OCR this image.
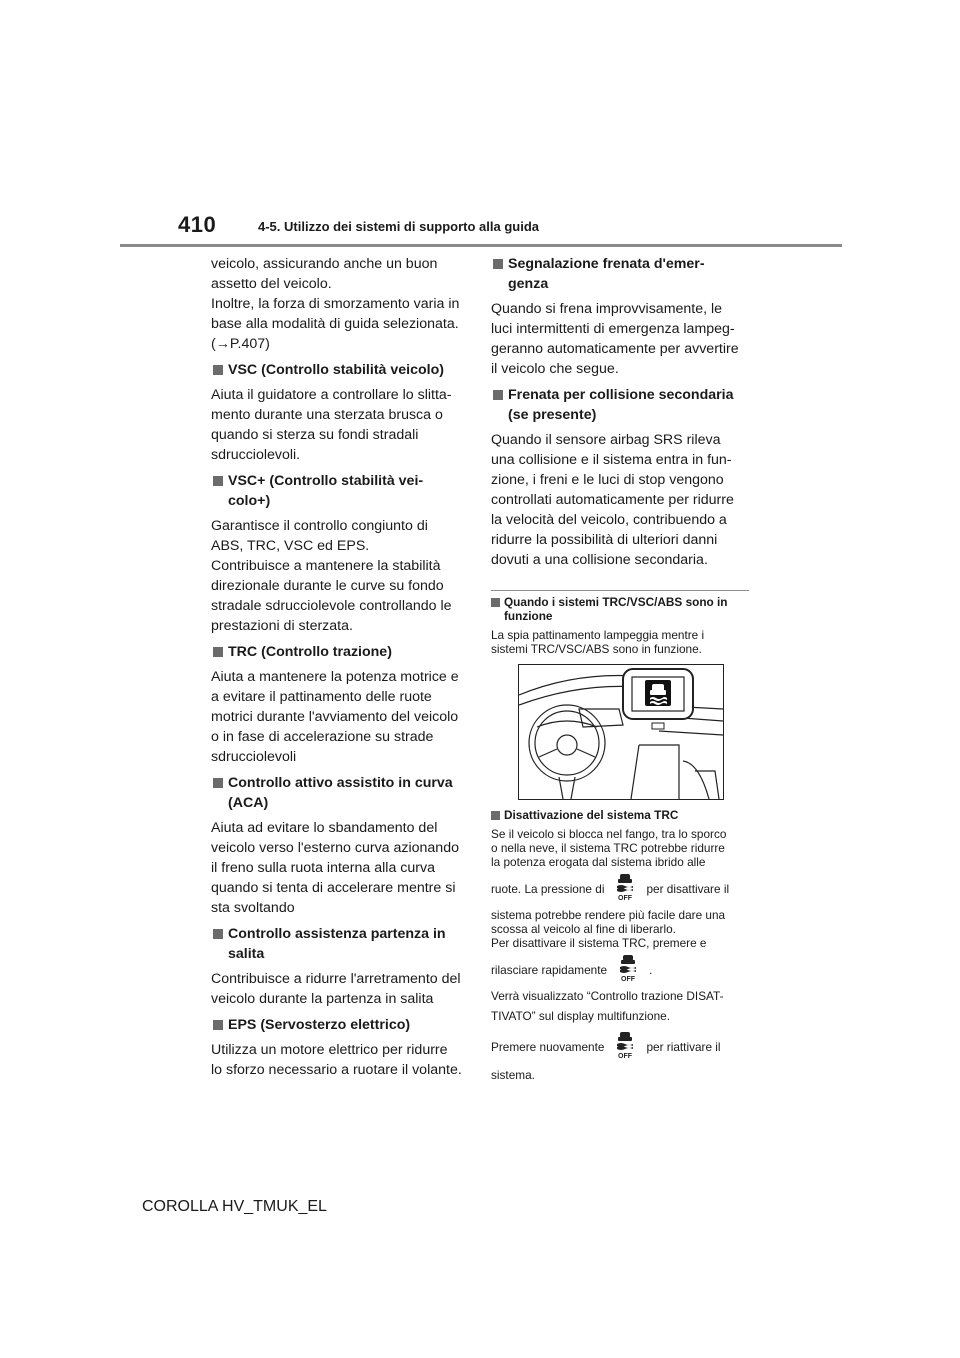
410	4-5. Utilizzo dei sistemi di supporto alla guida
veicolo, assicurando anche un buon
assetto del veicolo.
Inoltre, la forza di smorzamento varia in
base alla modalità di guida selezionata.
(→P.407)
VSC (Controllo stabilità veicolo)
Aiuta il guidatore a controllare lo slitta-
mento durante una sterzata brusca o
quando si sterza su fondi stradali
sdrucciolevoli.
VSC+ (Controllo stabilità vei-
colo+)
Garantisce il controllo congiunto di
ABS, TRC, VSC ed EPS.
Contribuisce a mantenere la stabilità
direzionale durante le curve su fondo
stradale sdrucciolevole controllando le
prestazioni di sterzata.
TRC (Controllo trazione)
Aiuta a mantenere la potenza motrice e
a evitare il pattinamento delle ruote
motrici durante l'avviamento del veicolo
o in fase di accelerazione su strade
sdrucciolevoli
Controllo attivo assistito in curva
(ACA)
Aiuta ad evitare lo sbandamento del
veicolo verso l'esterno curva azionando
il freno sulla ruota interna alla curva
quando si tenta di accelerare mentre si
sta svoltando
Controllo assistenza partenza in
salita
Contribuisce a ridurre l'arretramento del
veicolo durante la partenza in salita
EPS (Servosterzo elettrico)
Utilizza un motore elettrico per ridurre
lo sforzo necessario a ruotare il volante.
Segnalazione frenata d'emer-
genza
Quando si frena improvvisamente, le
luci intermittenti di emergenza lampeg-
geranno automaticamente per avvertire
il veicolo che segue.
Frenata per collisione secondaria
(se presente)
Quando il sensore airbag SRS rileva
una collisione e il sistema entra in fun-
zione, i freni e le luci di stop vengono
controllati automaticamente per ridurre
la velocità del veicolo, contribuendo a
ridurre la possibilità di ulteriori danni
dovuti a una collisione secondaria.
Quando i sistemi TRC/VSC/ABS sono in
funzione
La spia pattinamento lampeggia mentre i
sistemi TRC/VSC/ABS sono in funzione.
Disattivazione del sistema TRC
Se il veicolo si blocca nel fango, tra lo sporco
o nella neve, il sistema TRC potrebbe ridurre
la potenza erogata dal sistema ibrido alle
ruote. La pressione di
OFF
per disattivare il
sistema potrebbe rendere più facile dare una
scossa al veicolo al fine di liberarlo.
Per disattivare il sistema TRC, premere e
rilasciare rapidamente
OFF
.
Verrà visualizzato “Controllo trazione DISAT-
TIVATO” sul display multifunzione.
Premere nuovamente
OFF
per riattivare il
sistema.
COROLLA HV_TMUK_EL
